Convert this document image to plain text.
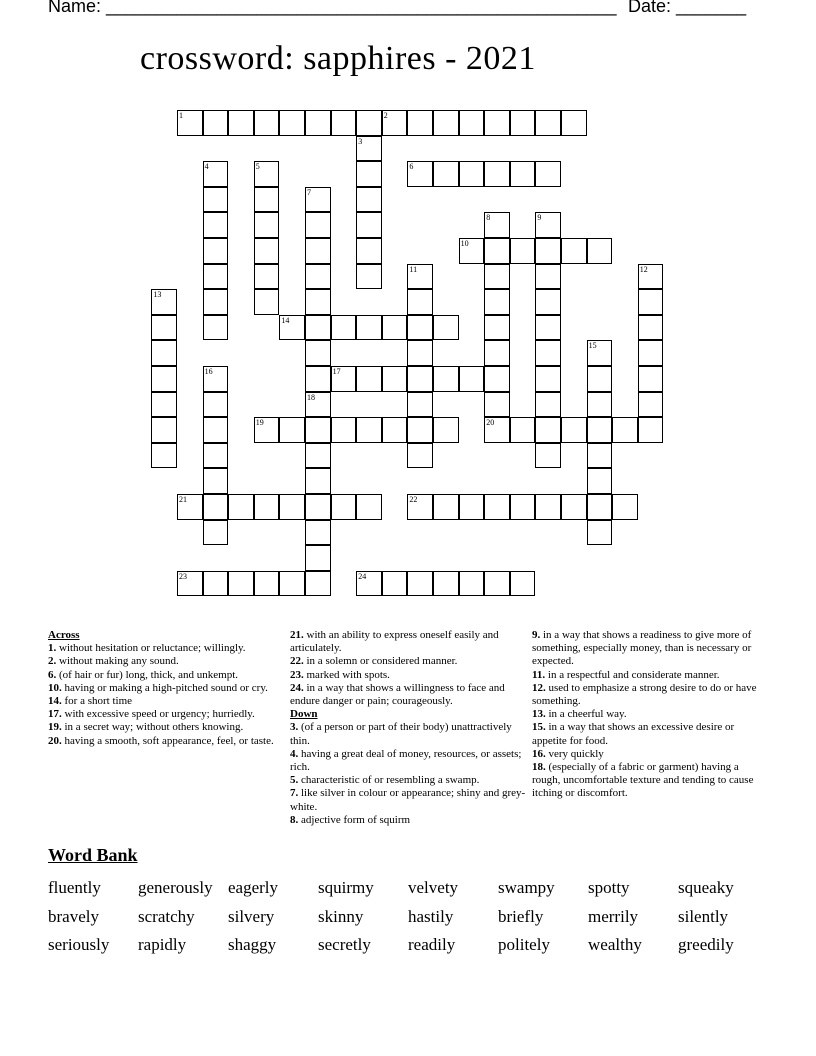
Name: ___________________________________________________ Date: _______
crossword: sapphires - 2021
1	2
6
10
14
17
19	20
21	22
23	24
3
4	5
7
8	9
11	12
13
15
16
18

Across

1. without hesitation or reluctance; willingly.

2. without making any sound.

6. (of hair or fur) long, thick, and unkempt.

10. having or making a high-pitched sound or cry.

14. for a short time

17. with excessive speed or urgency; hurriedly.

19. in a secret way; without others knowing.

20. having a smooth, soft appearance, feel, or taste.

21. with an ability to express oneself easily and articulately.

22. in a solemn or considered manner.

23. marked with spots.

24. in a way that shows a willingness to face and endure danger or pain; courageously.

Down

3. (of a person or part of their body) unattractively thin.

4. having a great deal of money, resources, or assets; rich.

5. characteristic of or resembling a swamp.

7. like silver in colour or appearance; shiny and grey-white.

8. adjective form of squirm

9. in a way that shows a readiness to give more of something, especially money, than is necessary or expected.

11. in a respectful and considerate manner.

12. used to emphasize a strong desire to do or have something.

13. in a cheerful way.

15. in a way that shows an excessive desire or appetite for food.

16. very quickly

18. (especially of a fabric or garment) having a rough, uncomfortable texture and tending to cause itching or discomfort.

Word Bank
fluently	generously eagerly	squirmy	velvety	swampy	spotty	squeaky
bravely	scratchy	silvery	skinny	hastily	briefly	merrily	silently
seriously	rapidly	shaggy	secretly	readily	politely	wealthy	greedily
